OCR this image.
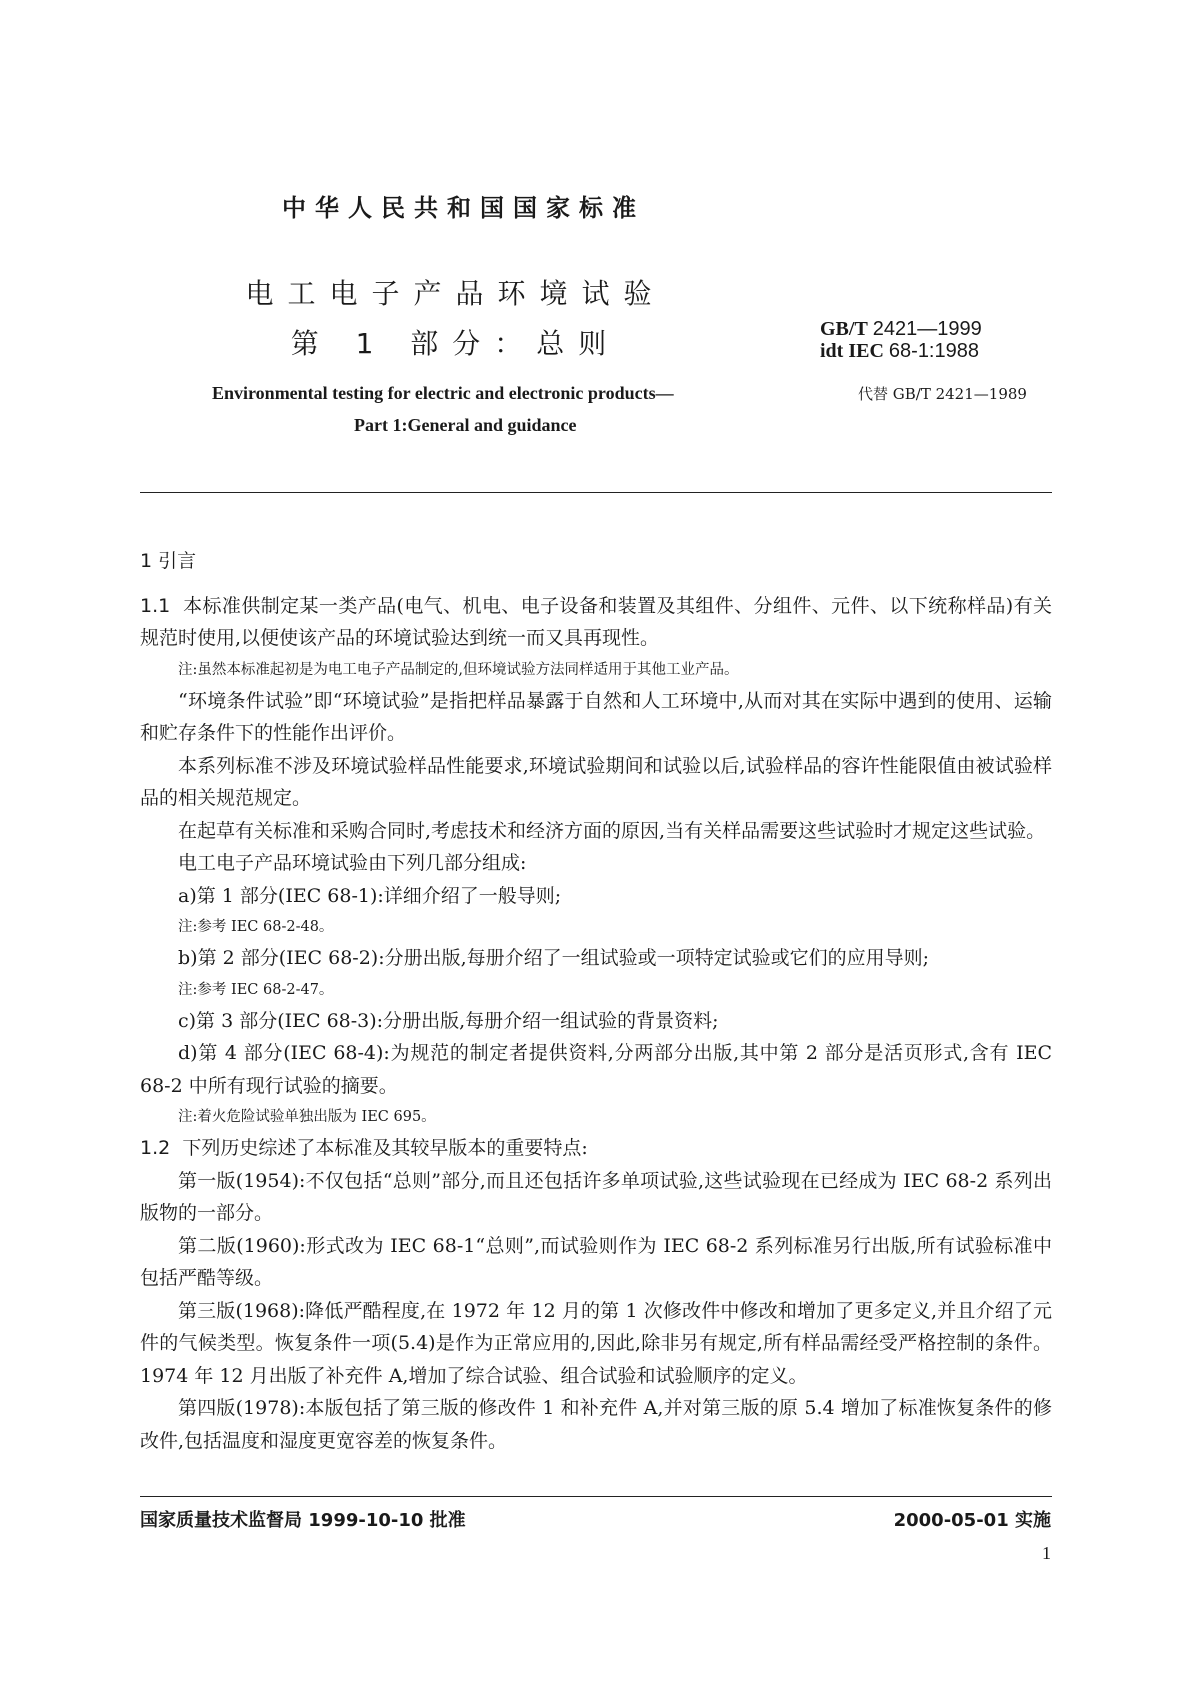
中华人民共和国国家标准
电工电子产品环境试验
第 1 部分：总则	GB/T 2421—1999
idt IEC 68-1:1988
代替 GB/T 2421—1989
Environmental testing for electric and electronic products—
Part 1:General and guidance

1 引言

1.1 本标准供制定某一类产品(电气、机电、电子设备和装置及其组件、分组件、元件、以下统称样品)有关规范时使用,以便使该产品的环境试验达到统一而又具再现性。

注:虽然本标准起初是为电工电子产品制定的,但环境试验方法同样适用于其他工业产品。

“环境条件试验”即“环境试验”是指把样品暴露于自然和人工环境中,从而对其在实际中遇到的使用、运输和贮存条件下的性能作出评价。

本系列标准不涉及环境试验样品性能要求,环境试验期间和试验以后,试验样品的容许性能限值由被试验样品的相关规范规定。

在起草有关标准和采购合同时,考虑技术和经济方面的原因,当有关样品需要这些试验时才规定这些试验。

电工电子产品环境试验由下列几部分组成:

a)第 1 部分(IEC 68-1):详细介绍了一般导则;

注:参考 IEC 68-2-48。

b)第 2 部分(IEC 68-2):分册出版,每册介绍了一组试验或一项特定试验或它们的应用导则;

注:参考 IEC 68-2-47。

c)第 3 部分(IEC 68-3):分册出版,每册介绍一组试验的背景资料;

d)第 4 部分(IEC 68-4):为规范的制定者提供资料,分两部分出版,其中第 2 部分是活页形式,含有 IEC 68-2 中所有现行试验的摘要。

注:着火危险试验单独出版为 IEC 695。

1.2 下列历史综述了本标准及其较早版本的重要特点:

第一版(1954):不仅包括“总则”部分,而且还包括许多单项试验,这些试验现在已经成为 IEC 68-2 系列出版物的一部分。

第二版(1960):形式改为 IEC 68-1“总则”,而试验则作为 IEC 68-2 系列标准另行出版,所有试验标准中包括严酷等级。

第三版(1968):降低严酷程度,在 1972 年 12 月的第 1 次修改件中修改和增加了更多定义,并且介绍了元件的气候类型。恢复条件一项(5.4)是作为正常应用的,因此,除非另有规定,所有样品需经受严格控制的条件。1974 年 12 月出版了补充件 A,增加了综合试验、组合试验和试验顺序的定义。

第四版(1978):本版包括了第三版的修改件 1 和补充件 A,并对第三版的原 5.4 增加了标准恢复条件的修改件,包括温度和湿度更宽容差的恢复条件。

国家质量技术监督局 1999-10-10 批准	2000-05-01 实施
1
